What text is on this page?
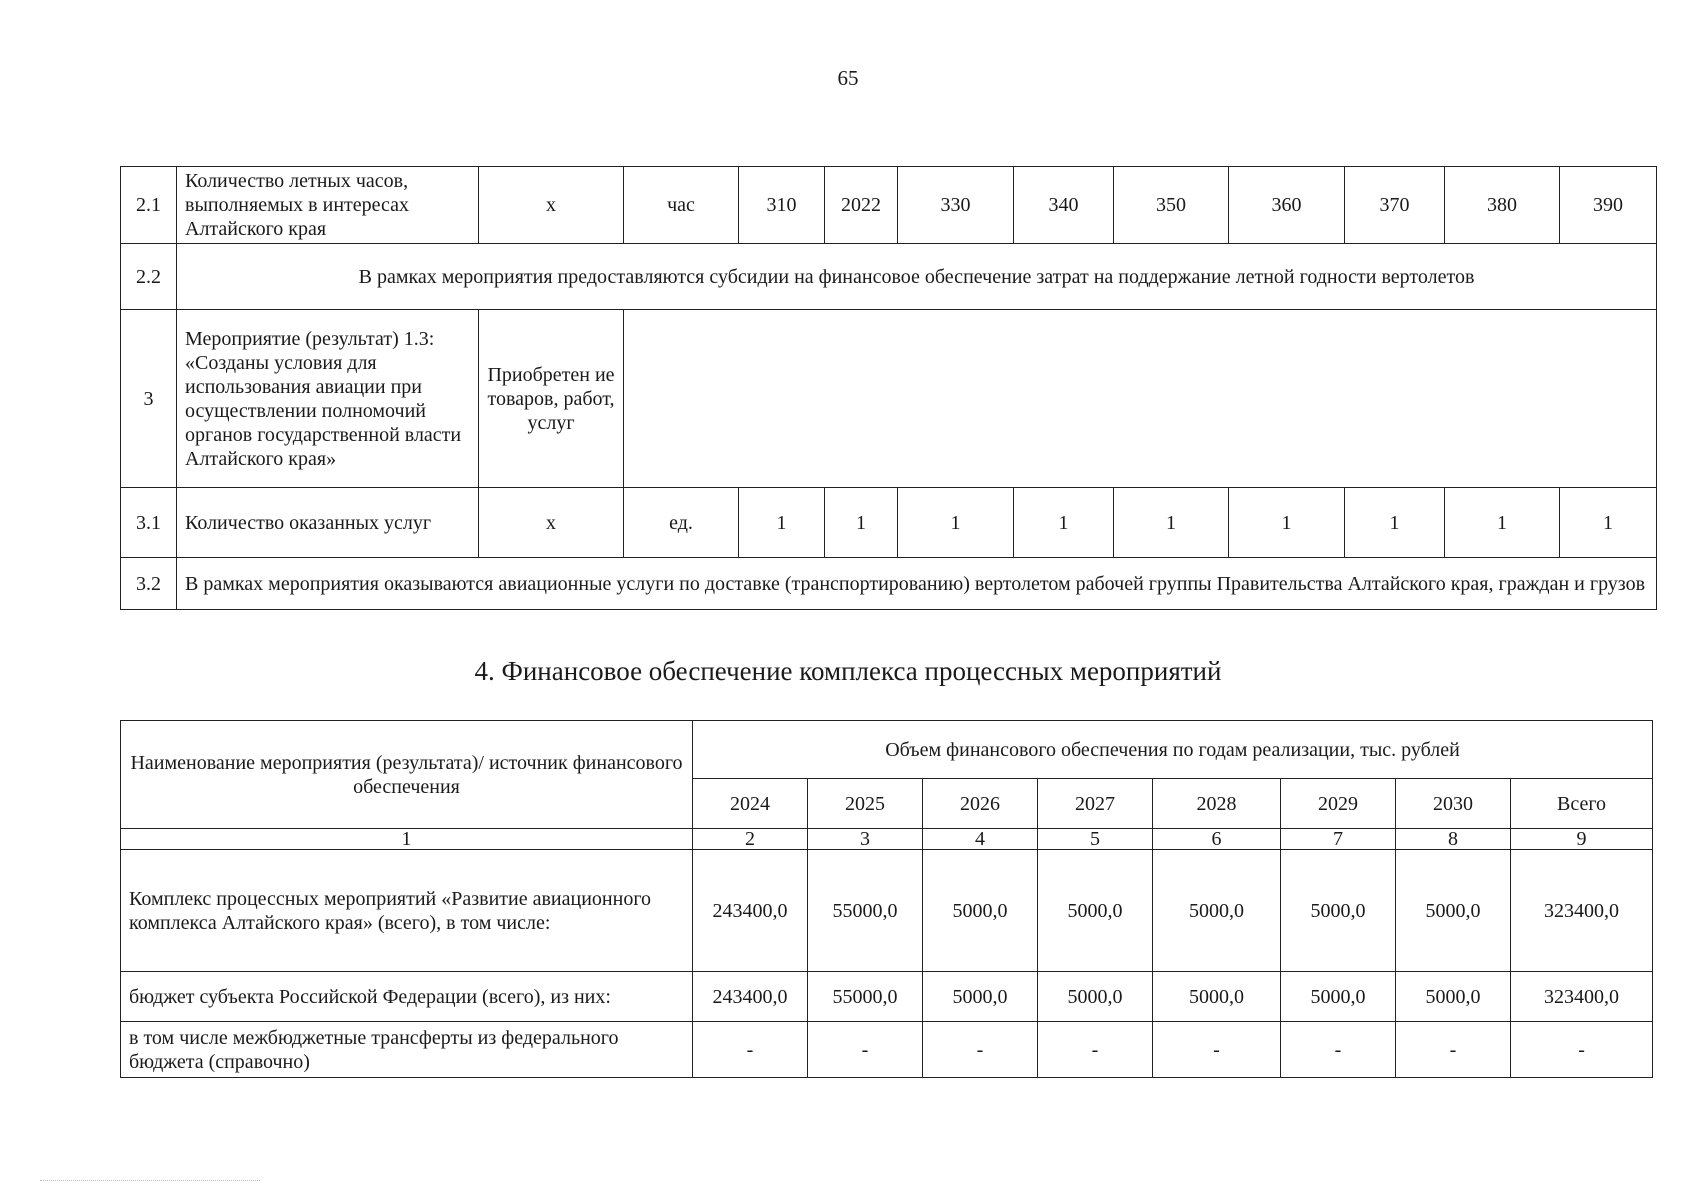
65
2.1	Количество летных часов, выполняемых в интересах Алтайского края	х	час	310	2022	330	340	350	360	370	380	390
2.2	В рамках мероприятия предоставляются субсидии на финансовое обеспечение затрат на поддержание летной годности вертолетов											
3	Мероприятие (результат) 1.3: «Созданы условия для использования авиации при осуществлении полномочий органов государственной власти Алтайского края»	Приобретен ие товаров, работ, услуг										
3.1	Количество оказанных услуг	х	ед.	1	1	1	1	1	1	1	1	1
3.2	В рамках мероприятия оказываются авиационные услуги по доставке (транспортированию) вертолетом рабочей группы Правительства Алтайского края, граждан и грузов											
4. Финансовое обеспечение комплекса процессных мероприятий
Наименование мероприятия (результата)/ источник финансового обеспечения	Объем финансового обеспечения по годам реализации, тыс. рублей							
	2024	2025	2026	2027	2028	2029	2030	Всего
1	2	3	4	5	6	7	8	9
Комплекс процессных мероприятий «Развитие авиационного комплекса Алтайского края» (всего), в том числе:	243400,0	55000,0	5000,0	5000,0	5000,0	5000,0	5000,0	323400,0
бюджет субъекта Российской Федерации (всего), из них:	243400,0	55000,0	5000,0	5000,0	5000,0	5000,0	5000,0	323400,0
в том числе межбюджетные трансферты из федерального бюджета (справочно)	-	-	-	-	-	-	-	-
